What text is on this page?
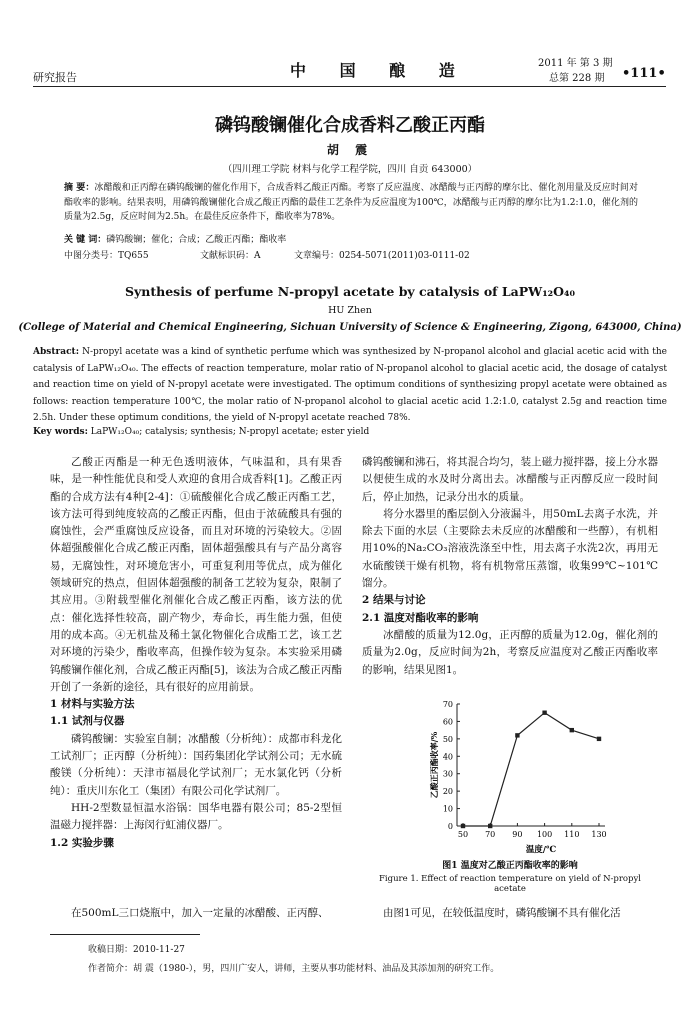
研究报告	中 国 酿 造	2011 年 第 3 期
总第 228 期 •111•
磷钨酸镧催化合成香料乙酸正丙酯
胡 震
（四川理工学院 材料与化学工程学院，四川 自贡 643000）
摘 要：冰醋酸和正丙醇在磷钨酸镧的催化作用下，合成香料乙酸正丙酯。考察了反应温度、冰醋酸与正丙醇的摩尔比、催化剂用量及反应时间对酯收率的影响。结果表明，用磷钨酸镧催化合成乙酸正丙酯的最佳工艺条件为反应温度为100℃，冰醋酸与正丙醇的摩尔比为1.2:1.0，催化剂的质量为2.5g，反应时间为2.5h。在最佳反应条件下，酯收率为78%。
关 键 词：磷钨酸镧；催化；合成；乙酸正丙酯；酯收率
中图分类号：TQ655	文献标识码：A	文章编号：0254-5071(2011)03-0111-02
Synthesis of perfume N-propyl acetate by catalysis of LaPW₁₂O₄₀
HU Zhen
(College of Material and Chemical Engineering, Sichuan University of Science & Engineering, Zigong, 643000, China)
Abstract: N-propyl acetate was a kind of synthetic perfume which was synthesized by N-propanol alcohol and glacial acetic acid with the catalysis of LaPW₁₂O₄₀. The effects of reaction temperature, molar ratio of N-propanol alcohol to glacial acetic acid, the dosage of catalyst and reaction time on yield of N-propyl acetate were investigated. The optimum conditions of synthesizing propyl acetate were obtained as follows: reaction temperature 100℃, the molar ratio of N-propanol alcohol to glacial acetic acid 1.2:1.0, catalyst 2.5g and reaction time 2.5h. Under these optimum conditions, the yield of N-propyl acetate reached 78%.
Key words: LaPW₁₂O₄₀; catalysis; synthesis; N-propyl acetate; ester yield

乙酸正丙酯是一种无色透明液体，气味温和，具有果香味，是一种性能优良和受人欢迎的食用合成香料[1]。乙酸正丙酯的合成方法有4种[2-4]：①硫酸催化合成乙酸正丙酯工艺，该方法可得到纯度较高的乙酸正丙酯，但由于浓硫酸具有强的腐蚀性，会严重腐蚀反应设备，而且对环境的污染较大。②固体超强酸催化合成乙酸正丙酯，固体超强酸具有与产品分离容易，无腐蚀性，对环境危害小，可重复利用等优点，成为催化领域研究的热点，但固体超强酸的制备工艺较为复杂，限制了其应用。③附载型催化剂催化合成乙酸正丙酯，该方法的优点：催化选择性较高，副产物少，寿命长，再生能力强，但使用的成本高。④无机盐及稀土氯化物催化合成酯工艺，该工艺对环境的污染少，酯收率高，但操作较为复杂。本实验采用磷钨酸镧作催化剂，合成乙酸正丙酯[5]，该法为合成乙酸正丙酯开创了一条新的途径，具有很好的应用前景。

1 材料与实验方法

1.1 试剂与仪器

磷钨酸镧：实验室自制；冰醋酸（分析纯）：成都市科龙化工试剂厂；正丙醇（分析纯）：国药集团化学试剂公司；无水硫酸镁（分析纯）：天津市福晨化学试剂厂；无水氯化钙（分析纯）：重庆川东化工（集团）有限公司化学试剂厂。

HH-2型数显恒温水浴锅：国华电器有限公司；85-2型恒温磁力搅拌器：上海闵行虹浦仪器厂。

1.2 实验步骤

磷钨酸镧和沸石，将其混合均匀，装上磁力搅拌器，接上分水器以便使生成的水及时分离出去。冰醋酸与正丙醇反应一段时间后，停止加热，记录分出水的质量。

将分水器里的酯层倒入分液漏斗，用50mL去离子水洗，并除去下面的水层（主要除去未反应的冰醋酸和一些醇），有机相用10%的Na₂CO₃溶液洗涤至中性，用去离子水洗2次，再用无水硫酸镁干燥有机物，将有机物常压蒸馏，收集99℃~101℃馏分。

2 结果与讨论

2.1 温度对酯收率的影响

冰醋酸的质量为12.0g，正丙醇的质量为12.0g，催化剂的质量为2.0g，反应时间为2h，考察反应温度对乙酸正丙酯收率的影响，结果见图1。

0
10
20
30
40
50
60
70
50 70 90 100 110 130
温度/℃
乙酸正丙酯收率/%
图1 温度对乙酸正丙酯收率的影响
Figure 1. Effect of reaction temperature on yield of N-propyl acetate

在500mL三口烧瓶中，加入一定量的冰醋酸、正丙醇、	由图1可见，在较低温度时，磷钨酸镧不具有催化活

收稿日期：2010-11-27
作者简介：胡 震（1980-），男，四川广安人，讲师，主要从事功能材料、油品及其添加剂的研究工作。
